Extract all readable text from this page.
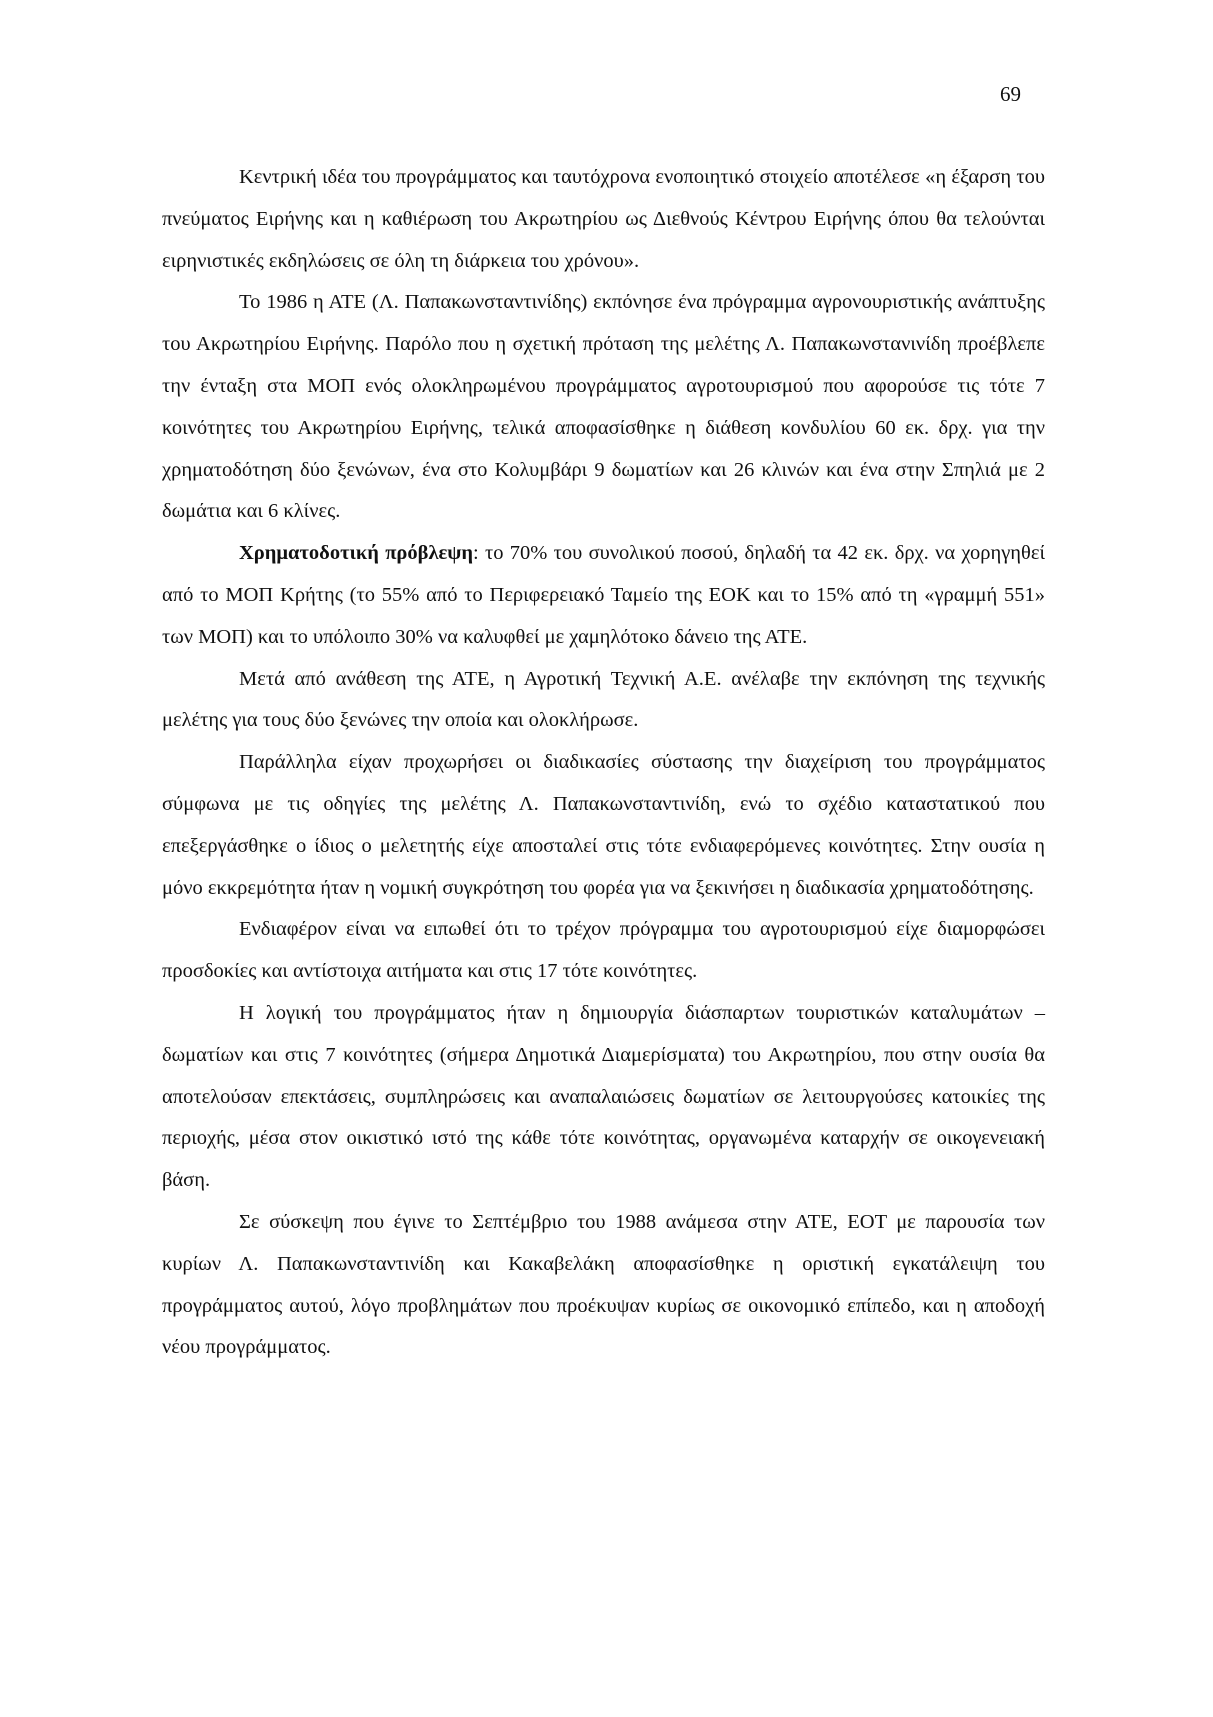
69

Κεντρική ιδέα του προγράμματος και ταυτόχρονα ενοποιητικό στοιχείο αποτέλεσε «η έξαρση του πνεύματος Ειρήνης και η καθιέρωση του Ακρωτηρίου ως Διεθνούς Κέντρου Ειρήνης όπου θα τελούνται ειρηνιστικές εκδηλώσεις σε όλη τη διάρκεια του χρόνου».

Το 1986 η ΑΤΕ (Λ. Παπακωνσταντινίδης) εκπόνησε ένα πρόγραμμα αγρονουριστικής ανάπτυξης του Ακρωτηρίου Ειρήνης. Παρόλο που η σχετική πρόταση της μελέτης Λ. Παπακωνστανινίδη προέβλεπε την ένταξη στα ΜΟΠ ενός ολοκληρωμένου προγράμματος αγροτουρισμού που αφορούσε τις τότε 7 κοινότητες του Ακρωτηρίου Ειρήνης, τελικά αποφασίσθηκε η διάθεση κονδυλίου 60 εκ. δρχ. για την χρηματοδότηση δύο ξενώνων, ένα στο Κολυμβάρι 9 δωματίων και 26 κλινών και ένα στην Σπηλιά με 2 δωμάτια και 6 κλίνες.

Χρηματοδοτική πρόβλεψη: το 70% του συνολικού ποσού, δηλαδή τα 42 εκ. δρχ. να χορηγηθεί από το ΜΟΠ Κρήτης (το 55% από το Περιφερειακό Ταμείο της ΕΟΚ και το 15% από τη «γραμμή 551» των ΜΟΠ) και το υπόλοιπο 30% να καλυφθεί με χαμηλότοκο δάνειο της ΑΤΕ.

Μετά από ανάθεση της ΑΤΕ, η Αγροτική Τεχνική Α.Ε. ανέλαβε την εκπόνηση της τεχνικής μελέτης για τους δύο ξενώνες την οποία και ολοκλήρωσε.

Παράλληλα είχαν προχωρήσει οι διαδικασίες σύστασης την διαχείριση του προγράμματος σύμφωνα με τις οδηγίες της μελέτης Λ. Παπακωνσταντινίδη, ενώ το σχέδιο καταστατικού που επεξεργάσθηκε ο ίδιος ο μελετητής είχε αποσταλεί στις τότε ενδιαφερόμενες κοινότητες. Στην ουσία η μόνο εκκρεμότητα ήταν η νομική συγκρότηση του φορέα για να ξεκινήσει η διαδικασία χρηματοδότησης.

Ενδιαφέρον είναι να ειπωθεί ότι το τρέχον πρόγραμμα του αγροτουρισμού είχε διαμορφώσει προσδοκίες και αντίστοιχα αιτήματα και στις 17 τότε κοινότητες.

Η λογική του προγράμματος ήταν η δημιουργία διάσπαρτων τουριστικών καταλυμάτων – δωματίων και στις 7 κοινότητες (σήμερα Δημοτικά Διαμερίσματα) του Ακρωτηρίου, που στην ουσία θα αποτελούσαν επεκτάσεις, συμπληρώσεις και αναπαλαιώσεις δωματίων σε λειτουργούσες κατοικίες της περιοχής, μέσα στον οικιστικό ιστό της κάθε τότε κοινότητας, οργανωμένα καταρχήν σε οικογενειακή βάση.

Σε σύσκεψη που έγινε το Σεπτέμβριο του 1988 ανάμεσα στην ΑΤΕ, ΕΟΤ με παρουσία των κυρίων Λ. Παπακωνσταντινίδη και Κακαβελάκη αποφασίσθηκε η οριστική εγκατάλειψη του προγράμματος αυτού, λόγο προβλημάτων που προέκυψαν κυρίως σε οικονομικό επίπεδο, και η αποδοχή νέου προγράμματος.
